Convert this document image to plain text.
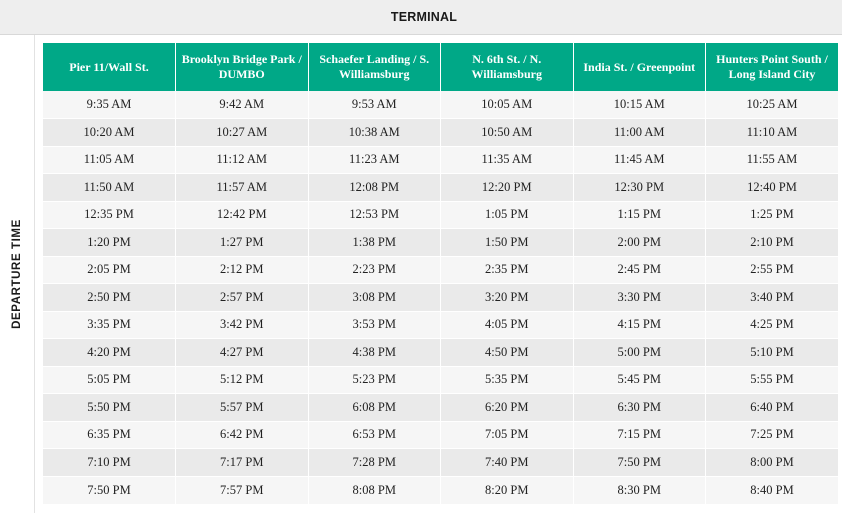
TERMINAL
DEPARTURE TIME
Pier 11/Wall St.	Brooklyn Bridge Park / DUMBO	Schaefer Landing / S. Williamsburg	N. 6th St. / N. Williamsburg	India St. / Greenpoint	Hunters Point South / Long Island City
9:35 AM	9:42 AM	9:53 AM	10:05 AM	10:15 AM	10:25 AM
10:20 AM	10:27 AM	10:38 AM	10:50 AM	11:00 AM	11:10 AM
11:05 AM	11:12 AM	11:23 AM	11:35 AM	11:45 AM	11:55 AM
11:50 AM	11:57 AM	12:08 PM	12:20 PM	12:30 PM	12:40 PM
12:35 PM	12:42 PM	12:53 PM	1:05 PM	1:15 PM	1:25 PM
1:20 PM	1:27 PM	1:38 PM	1:50 PM	2:00 PM	2:10 PM
2:05 PM	2:12 PM	2:23 PM	2:35 PM	2:45 PM	2:55 PM
2:50 PM	2:57 PM	3:08 PM	3:20 PM	3:30 PM	3:40 PM
3:35 PM	3:42 PM	3:53 PM	4:05 PM	4:15 PM	4:25 PM
4:20 PM	4:27 PM	4:38 PM	4:50 PM	5:00 PM	5:10 PM
5:05 PM	5:12 PM	5:23 PM	5:35 PM	5:45 PM	5:55 PM
5:50 PM	5:57 PM	6:08 PM	6:20 PM	6:30 PM	6:40 PM
6:35 PM	6:42 PM	6:53 PM	7:05 PM	7:15 PM	7:25 PM
7:10 PM	7:17 PM	7:28 PM	7:40 PM	7:50 PM	8:00 PM
7:50 PM	7:57 PM	8:08 PM	8:20 PM	8:30 PM	8:40 PM
